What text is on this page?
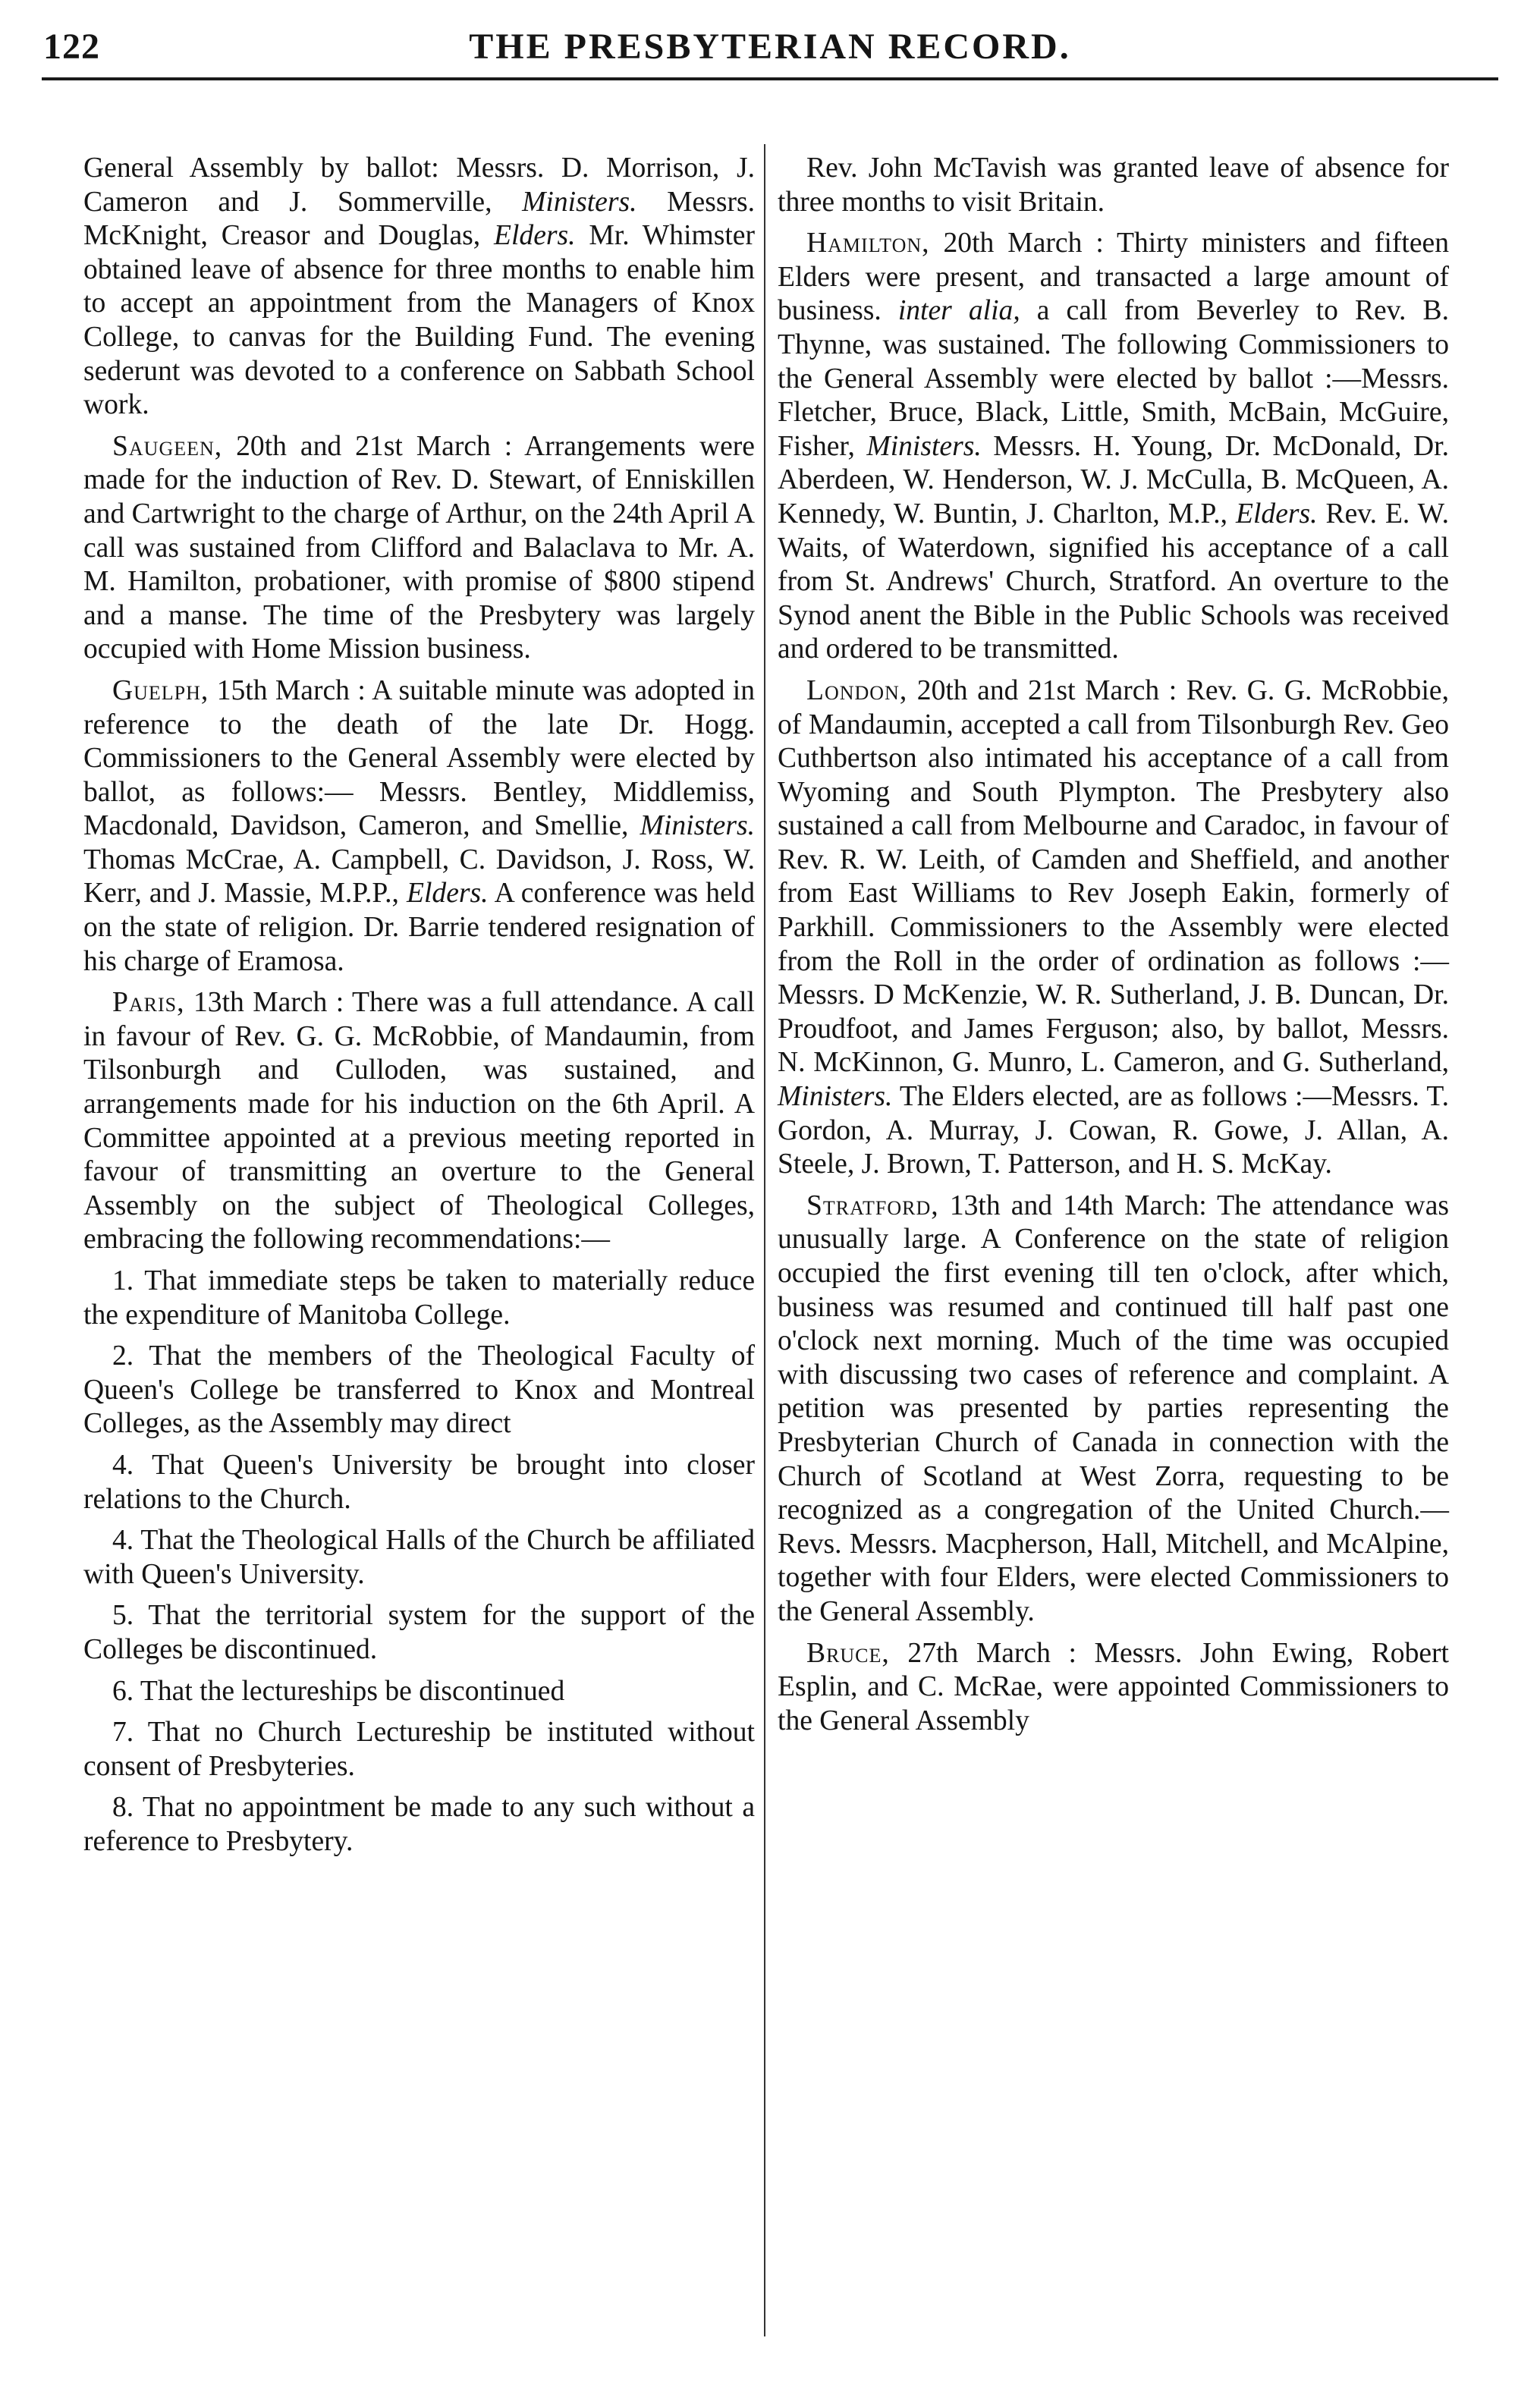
122	THE PRESBYTERIAN RECORD.

General Assembly by ballot: Messrs. D. Morrison, J. Cameron and J. Sommerville, Ministers. Messrs. McKnight, Creasor and Douglas, Elders. Mr. Whimster obtained leave of absence for three months to enable him to accept an appointment from the Managers of Knox College, to canvas for the Building Fund. The evening sederunt was devoted to a conference on Sabbath School work.

Saugeen, 20th and 21st March : Arrangements were made for the induction of Rev. D. Stewart, of Enniskillen and Cartwright to the charge of Arthur, on the 24th April A call was sustained from Clifford and Balaclava to Mr. A. M. Hamilton, probationer, with promise of $800 stipend and a manse. The time of the Presbytery was largely occupied with Home Mission business.

Guelph, 15th March : A suitable minute was adopted in reference to the death of the late Dr. Hogg. Commissioners to the General Assembly were elected by ballot, as follows:— Messrs. Bentley, Middlemiss, Macdonald, Davidson, Cameron, and Smellie, Ministers. Thomas McCrae, A. Campbell, C. Davidson, J. Ross, W. Kerr, and J. Massie, M.P.P., Elders. A conference was held on the state of religion. Dr. Barrie tendered resignation of his charge of Eramosa.

Paris, 13th March : There was a full attendance. A call in favour of Rev. G. G. McRobbie, of Mandaumin, from Tilsonburgh and Culloden, was sustained, and arrangements made for his induction on the 6th April. A Committee appointed at a previous meeting reported in favour of transmitting an overture to the General Assembly on the subject of Theological Colleges, embracing the following recommendations:—

1. That immediate steps be taken to materially reduce the expenditure of Manitoba College.

2. That the members of the Theological Faculty of Queen's College be transferred to Knox and Montreal Colleges, as the Assembly may direct

4. That Queen's University be brought into closer relations to the Church.

4. That the Theological Halls of the Church be affiliated with Queen's University.

5. That the territorial system for the support of the Colleges be discontinued.

6. That the lectureships be discontinued

7. That no Church Lectureship be instituted without consent of Presbyteries.

8. That no appointment be made to any such without a reference to Presbytery.

Rev. John McTavish was granted leave of absence for three months to visit Britain.

Hamilton, 20th March : Thirty ministers and fifteen Elders were present, and transacted a large amount of business. inter alia, a call from Beverley to Rev. B. Thynne, was sustained. The following Commissioners to the General Assembly were elected by ballot :—Messrs. Fletcher, Bruce, Black, Little, Smith, McBain, McGuire, Fisher, Ministers. Messrs. H. Young, Dr. McDonald, Dr. Aberdeen, W. Henderson, W. J. McCulla, B. McQueen, A. Kennedy, W. Buntin, J. Charlton, M.P., Elders. Rev. E. W. Waits, of Waterdown, signified his acceptance of a call from St. Andrews' Church, Stratford. An overture to the Synod anent the Bible in the Public Schools was received and ordered to be transmitted.

London, 20th and 21st March : Rev. G. G. McRobbie, of Mandaumin, accepted a call from Tilsonburgh Rev. Geo Cuthbertson also intimated his acceptance of a call from Wyoming and South Plympton. The Presbytery also sustained a call from Melbourne and Caradoc, in favour of Rev. R. W. Leith, of Camden and Sheffield, and another from East Williams to Rev Joseph Eakin, formerly of Parkhill. Commissioners to the Assembly were elected from the Roll in the order of ordination as follows :—Messrs. D McKenzie, W. R. Sutherland, J. B. Duncan, Dr. Proudfoot, and James Ferguson; also, by ballot, Messrs. N. McKinnon, G. Munro, L. Cameron, and G. Sutherland, Ministers. The Elders elected, are as follows :—Messrs. T. Gordon, A. Murray, J. Cowan, R. Gowe, J. Allan, A. Steele, J. Brown, T. Patterson, and H. S. McKay.

Stratford, 13th and 14th March: The attendance was unusually large. A Conference on the state of religion occupied the first evening till ten o'clock, after which, business was resumed and continued till half past one o'clock next morning. Much of the time was occupied with discussing two cases of reference and complaint. A petition was presented by parties representing the Presbyterian Church of Canada in connection with the Church of Scotland at West Zorra, requesting to be recognized as a congregation of the United Church.— Revs. Messrs. Macpherson, Hall, Mitchell, and McAlpine, together with four Elders, were elected Commissioners to the General Assembly.

Bruce, 27th March : Messrs. John Ewing, Robert Esplin, and C. McRae, were appointed Commissioners to the General Assembly
